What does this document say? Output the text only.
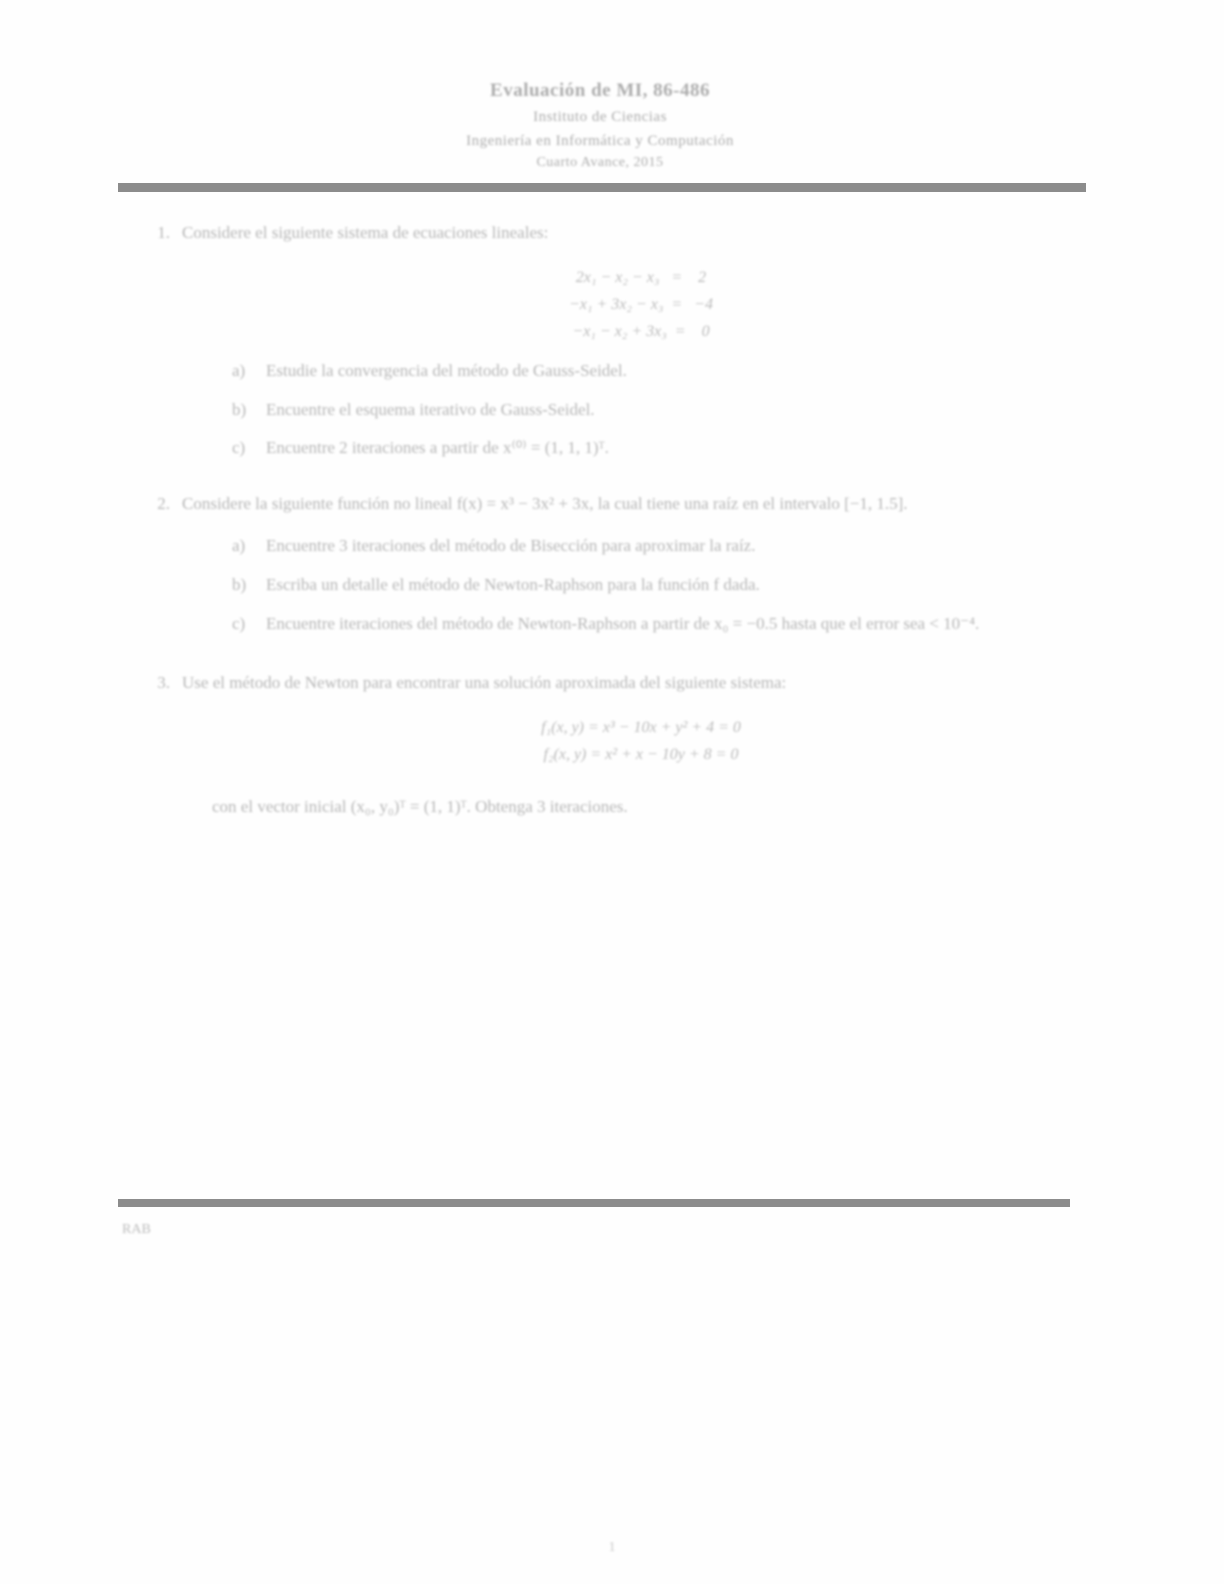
Evaluación de MI, 86-486
Instituto de Ciencias
Ingeniería en Informática y Computación
Cuarto Avance, 2015
1. Considere el siguiente sistema de ecuaciones lineales:
2x₁ − x₂ − x₃   =    2
−x₁ + 3x₂ − x₃  =   −4
−x₁ − x₂ + 3x₃  =    0
a)	Estudie la convergencia del método de Gauss-Seidel.
b)	Encuentre el esquema iterativo de Gauss-Seidel.
c)	Encuentre 2 iteraciones a partir de x⁽⁰⁾ = (1, 1, 1)ᵀ.
2. Considere la siguiente función no lineal f(x) = x³ − 3x² + 3x, la cual tiene una raíz en el intervalo [−1, 1.5].
a)	Encuentre 3 iteraciones del método de Bisección para aproximar la raíz.
b)	Escriba un detalle el método de Newton-Raphson para la función f dada.
c)	Encuentre iteraciones del método de Newton-Raphson a partir de x₀ = −0.5 hasta que el error sea < 10⁻⁴.
3. Use el método de Newton para encontrar una solución aproximada del siguiente sistema:
f₁(x, y) = x³ − 10x + y² + 4 = 0
f₂(x, y) = x² + x − 10y + 8 = 0
con el vector inicial (x₀, y₀)ᵀ = (1, 1)ᵀ. Obtenga 3 iteraciones.
RAB
1
